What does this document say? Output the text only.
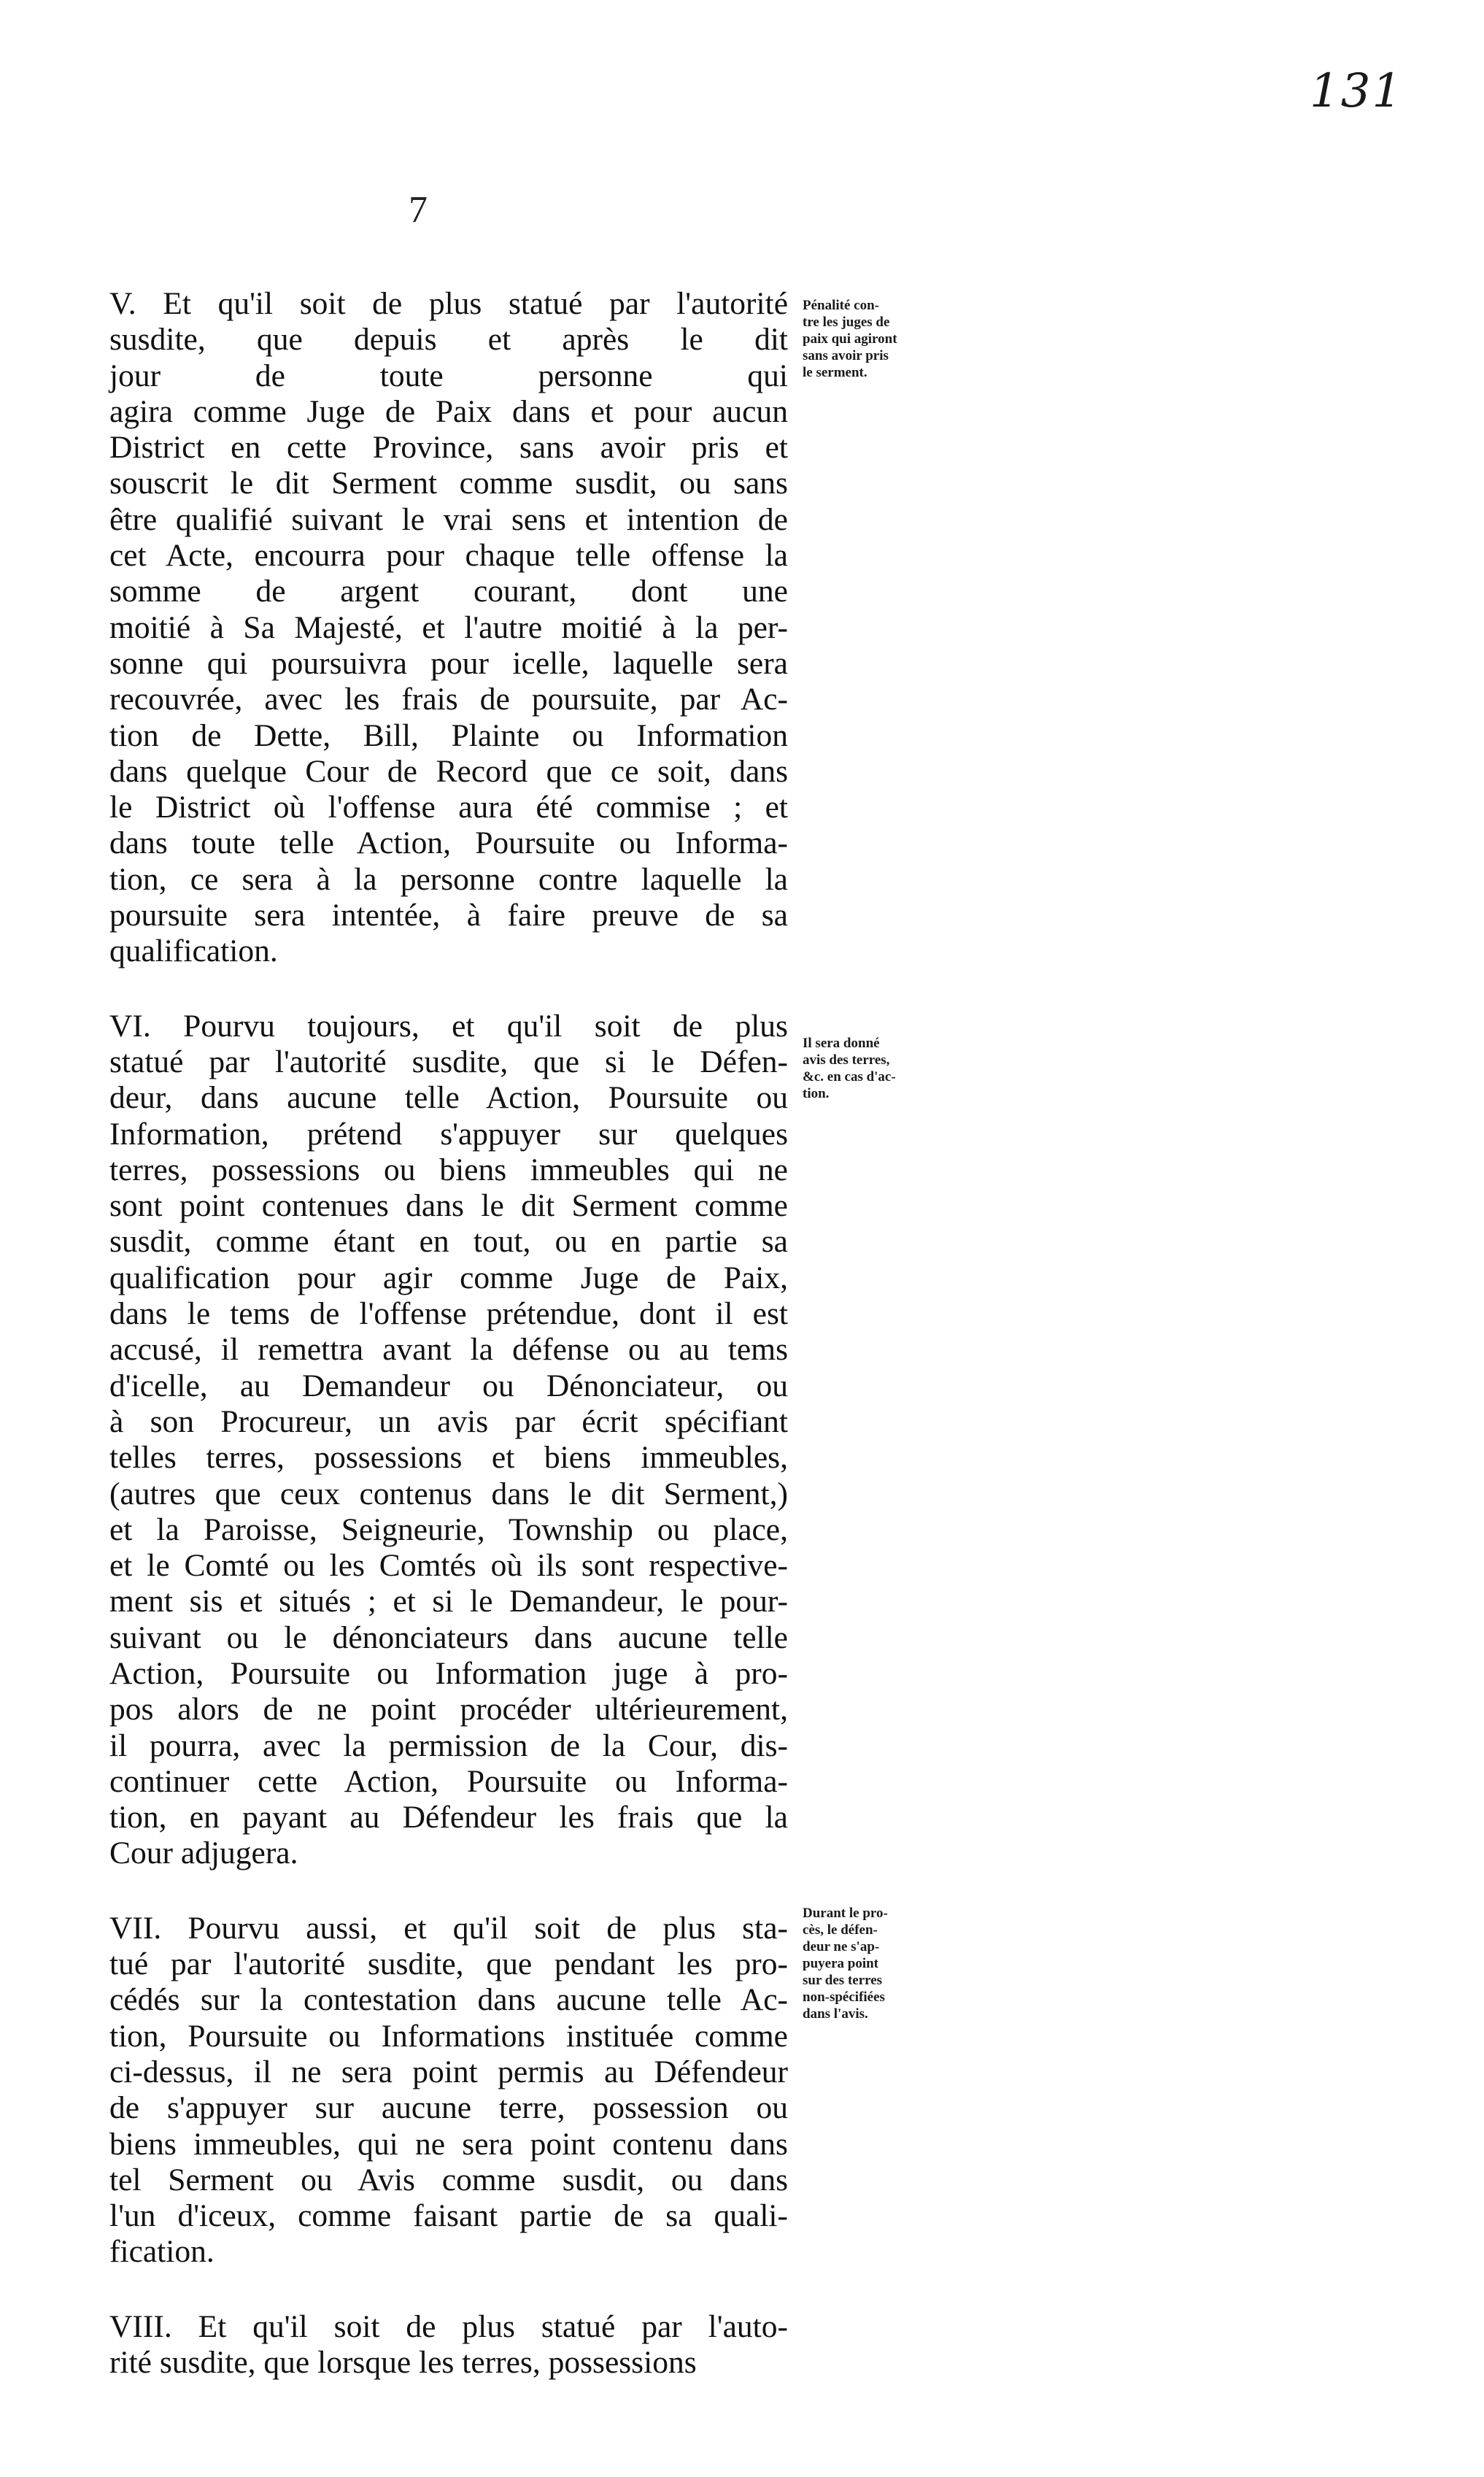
131
7
V. Et qu'il soit de plus statué par l'autorité
susdite, que depuis et après le dit
jour de toute personne qui
agira comme Juge de Paix dans et pour aucun
District en cette Province, sans avoir pris et
souscrit le dit Serment comme susdit, ou sans
être qualifié suivant le vrai sens et intention de
cet Acte, encourra pour chaque telle offense la
somme de argent courant, dont une
moitié à Sa Majesté, et l'autre moitié à la per-
sonne qui poursuivra pour icelle, laquelle sera
recouvrée, avec les frais de poursuite, par Ac-
tion de Dette, Bill, Plainte ou Information
dans quelque Cour de Record que ce soit, dans
le District où l'offense aura été commise ; et
dans toute telle Action, Poursuite ou Informa-
tion, ce sera à la personne contre laquelle la
poursuite sera intentée, à faire preuve de sa
qualification.
VI. Pourvu toujours, et qu'il soit de plus
statué par l'autorité susdite, que si le Défen-
deur, dans aucune telle Action, Poursuite ou
Information, prétend s'appuyer sur quelques
terres, possessions ou biens immeubles qui ne
sont point contenues dans le dit Serment comme
susdit, comme étant en tout, ou en partie sa
qualification pour agir comme Juge de Paix,
dans le tems de l'offense prétendue, dont il est
accusé, il remettra avant la défense ou au tems
d'icelle, au Demandeur ou Dénonciateur, ou
à son Procureur, un avis par écrit spécifiant
telles terres, possessions et biens immeubles,
(autres que ceux contenus dans le dit Serment,)
et la Paroisse, Seigneurie, Township ou place,
et le Comté ou les Comtés où ils sont respective-
ment sis et situés ; et si le Demandeur, le pour-
suivant ou le dénonciateurs dans aucune telle
Action, Poursuite ou Information juge à pro-
pos alors de ne point procéder ultérieurement,
il pourra, avec la permission de la Cour, dis-
continuer cette Action, Poursuite ou Informa-
tion, en payant au Défendeur les frais que la
Cour adjugera.
VII. Pourvu aussi, et qu'il soit de plus sta-
tué par l'autorité susdite, que pendant les pro-
cédés sur la contestation dans aucune telle Ac-
tion, Poursuite ou Informations instituée comme
ci-dessus, il ne sera point permis au Défendeur
de s'appuyer sur aucune terre, possession ou
biens immeubles, qui ne sera point contenu dans
tel Serment ou Avis comme susdit, ou dans
l'un d'iceux, comme faisant partie de sa quali-
fication.
VIII. Et qu'il soit de plus statué par l'auto-
rité susdite, que lorsque les terres, possessions
Pénalité con-
tre les juges de
paix qui agiront
sans avoir pris
le serment.
Il sera donné
avis des terres,
&c. en cas d'ac-
tion.
Durant le pro-
cès, le défen-
deur ne s'ap-
puyera point
sur des terres
non-spécifiées
dans l'avis.
